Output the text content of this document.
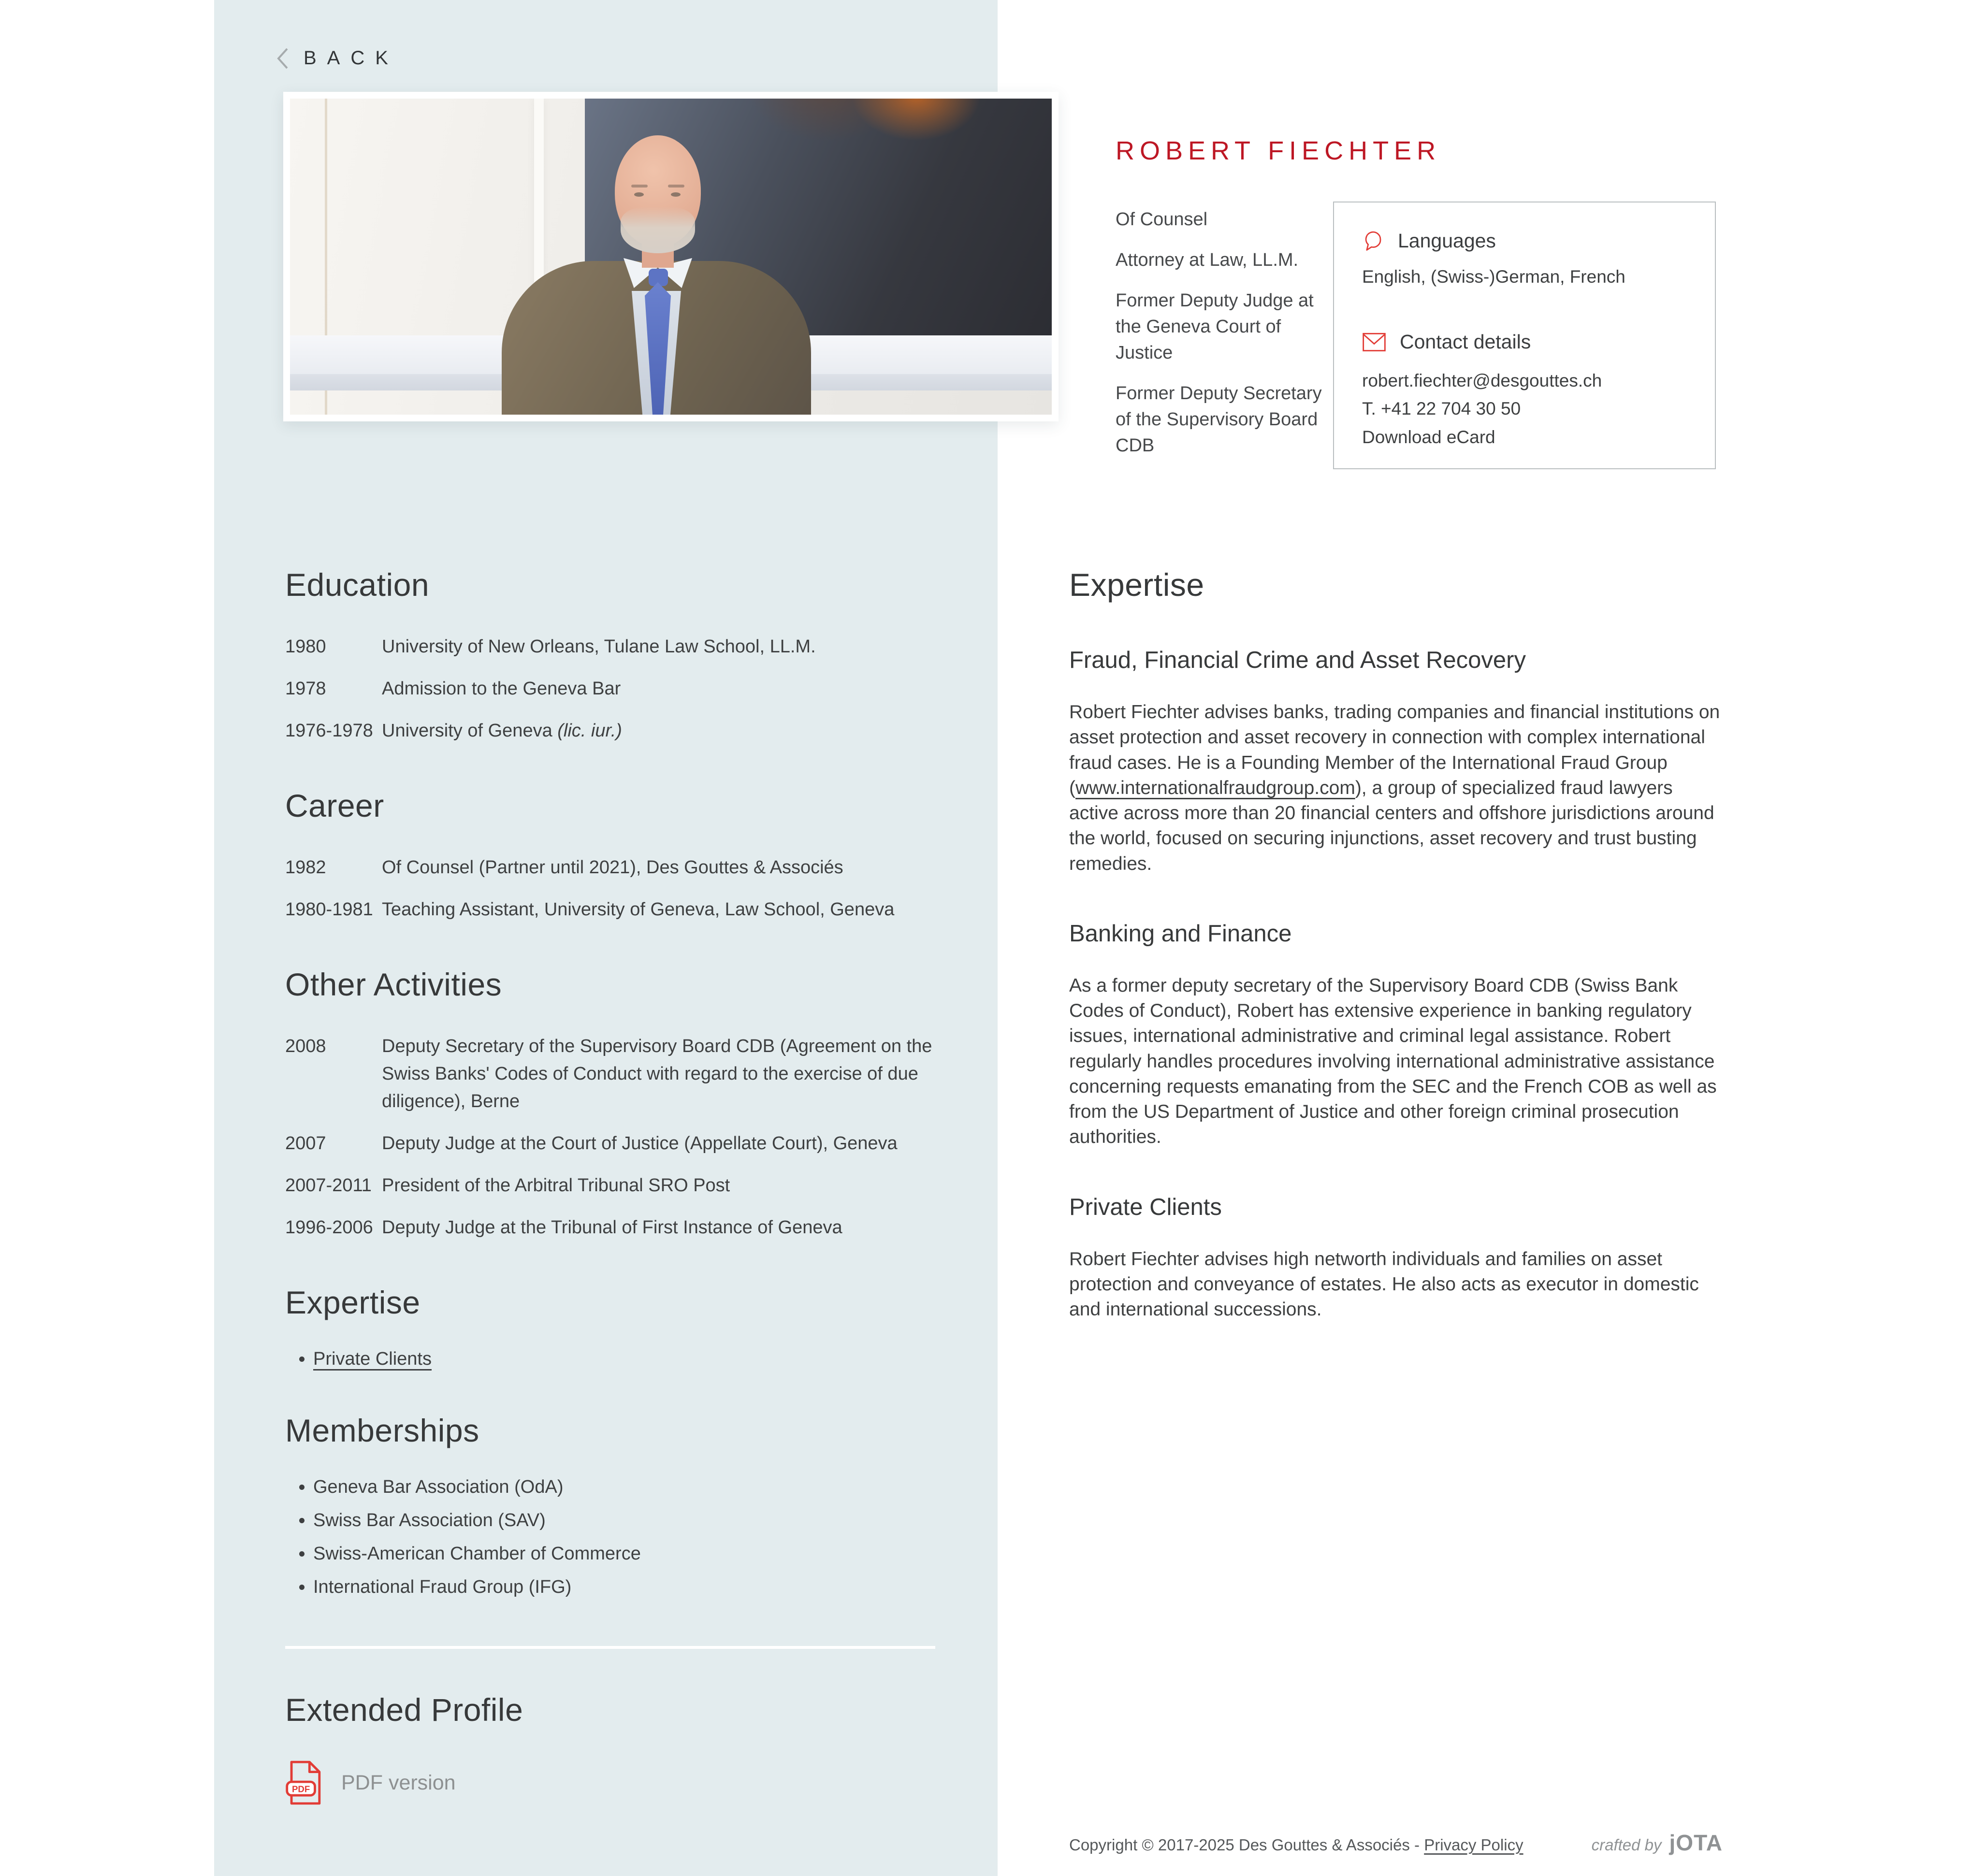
BACK
ROBERT FIECHTER

Of Counsel

Attorney at Law, LL.M.

Former Deputy Judge at the Geneva Court of Justice

Former Deputy Secretary of the Supervisory Board CDB

Languages
English, (Swiss-)German, French
Contact details
robert.fiechter@desgouttes.ch
T. +41 22 704 30 50
Download eCard
Education
1980	University of New Orleans, Tulane Law School, LL.M.
1978	Admission to the Geneva Bar
1976-1978 University of Geneva (lic. iur.)
Career
1982	Of Counsel (Partner until 2021), Des Gouttes & Associés
1980-1981 Teaching Assistant, University of Geneva, Law School, Geneva
Other Activities
2008	Deputy Secretary of the Supervisory Board CDB (Agreement on the Swiss Banks' Codes of Conduct with regard to the exercise of due diligence), Berne
2007	Deputy Judge at the Court of Justice (Appellate Court), Geneva
2007-2011 President of the Arbitral Tribunal SRO Post
1996-2006 Deputy Judge at the Tribunal of First Instance of Geneva
Expertise
• Private Clients
Memberships
• Geneva Bar Association (OdA)
• Swiss Bar Association (SAV)
• Swiss-American Chamber of Commerce
• International Fraud Group (IFG)
Extended Profile
PDF PDF version
Expertise
Fraud, Financial Crime and Asset Recovery

Robert Fiechter advises banks, trading companies and financial institutions on asset protection and asset recovery in connection with complex international fraud cases. He is a Founding Member of the International Fraud Group (www.internationalfraudgroup.com), a group of specialized fraud lawyers active across more than 20 financial centers and offshore jurisdictions around the world, focused on securing injunctions, asset recovery and trust busting remedies.

Banking and Finance

As a former deputy secretary of the Supervisory Board CDB (Swiss Bank Codes of Conduct), Robert has extensive experience in banking regulatory issues, international administrative and criminal legal assistance. Robert regularly handles procedures involving international administrative assistance concerning requests emanating from the SEC and the French COB as well as from the US Department of Justice and other foreign criminal prosecution authorities.

Private Clients

Robert Fiechter advises high networth individuals and families on asset protection and conveyance of estates. He also acts as executor in domestic and international successions.

Copyright © 2017-2025 Des Gouttes & Associés - Privacy Policy	crafted by jOTA
